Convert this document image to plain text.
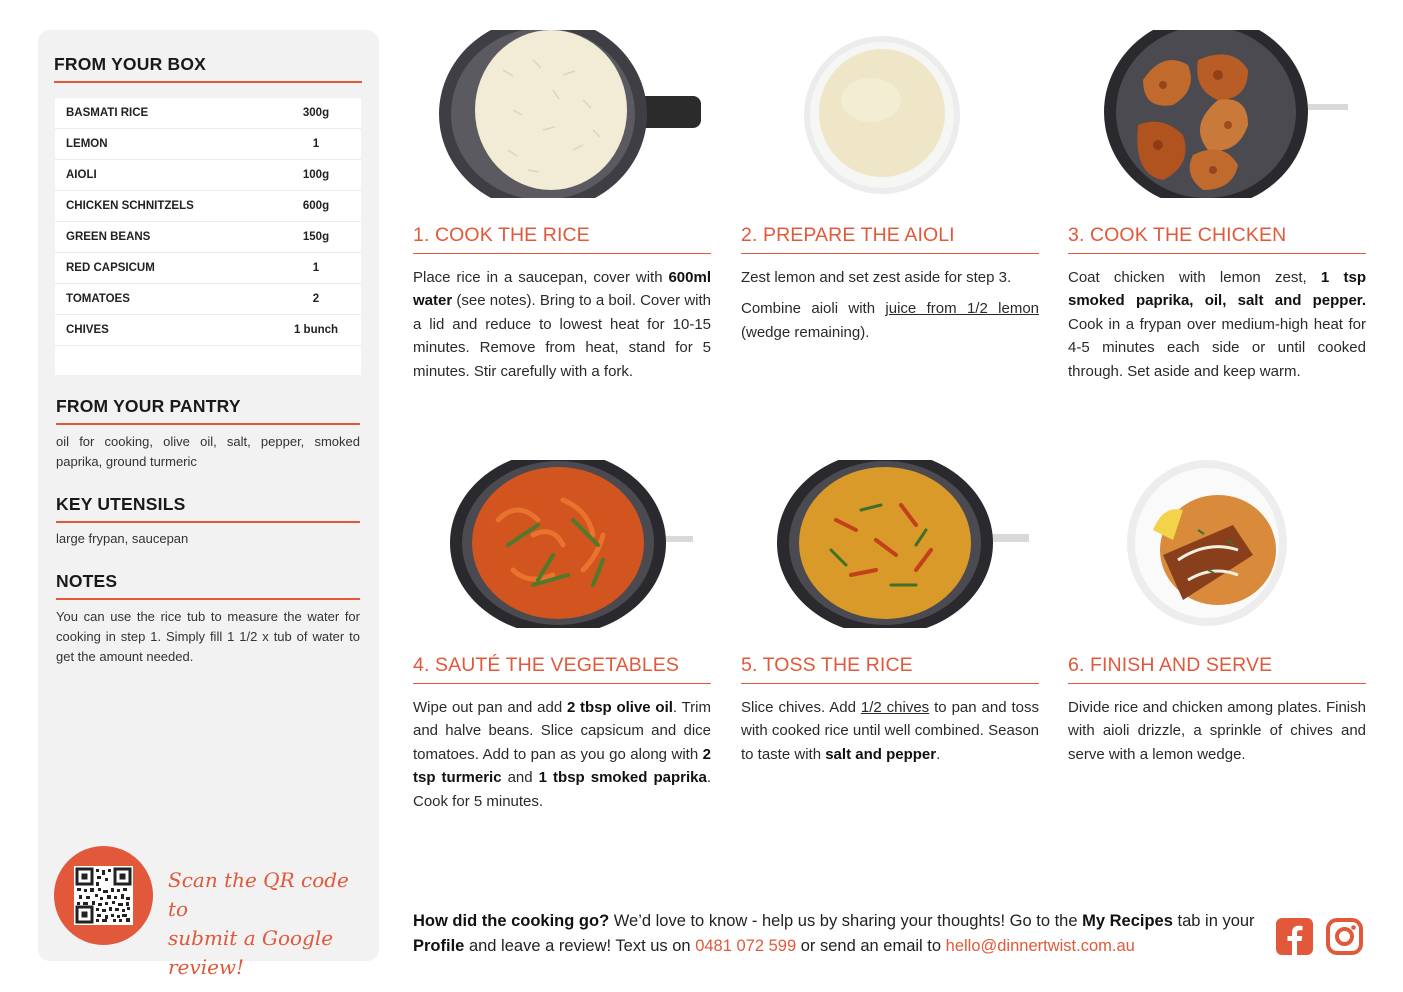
FROM YOUR BOX
BASMATI RICE	300g
LEMON	1
AIOLI	100g
CHICKEN SCHNITZELS	600g
GREEN BEANS	150g
RED CAPSICUM	1
TOMATOES	2
CHIVES	1 bunch
FROM YOUR PANTRY
oil for cooking, olive oil, salt, pepper, smoked paprika, ground turmeric
KEY UTENSILS
large frypan, saucepan
NOTES
You can use the rice tub to measure the water for cooking in step 1. Simply fill 1 1/2 x tub of water to get the amount needed.
Scan the QR code to
submit a Google review!
1. COOK THE RICE

Place rice in a saucepan, cover with 600ml water (see notes). Bring to a boil. Cover with a lid and reduce to lowest heat for 10-15 minutes. Remove from heat, stand for 5 minutes. Stir carefully with a fork.

2. PREPARE THE AIOLI

Zest lemon and set zest aside for step 3.

Combine aioli with juice from 1/2 lemon (wedge remaining).

3. COOK THE CHICKEN

Coat chicken with lemon zest, 1 tsp smoked paprika, oil, salt and pepper. Cook in a frypan over medium-high heat for 4-5 minutes each side or until cooked through. Set aside and keep warm.

4. SAUTÉ THE VEGETABLES

Wipe out pan and add 2 tbsp olive oil. Trim and halve beans. Slice capsicum and dice tomatoes. Add to pan as you go along with 2 tsp turmeric and 1 tbsp smoked paprika. Cook for 5 minutes.

5. TOSS THE RICE

Slice chives. Add 1/2 chives to pan and toss with cooked rice until well combined. Season to taste with salt and pepper.

6. FINISH AND SERVE

Divide rice and chicken among plates. Finish with aioli drizzle, a sprinkle of chives and serve with a lemon wedge.

How did the cooking go? We’d love to know - help us by sharing your thoughts! Go to the My Recipes tab in your Profile and leave a review! Text us on 0481 072 599 or send an email to hello@dinnertwist.com.au
